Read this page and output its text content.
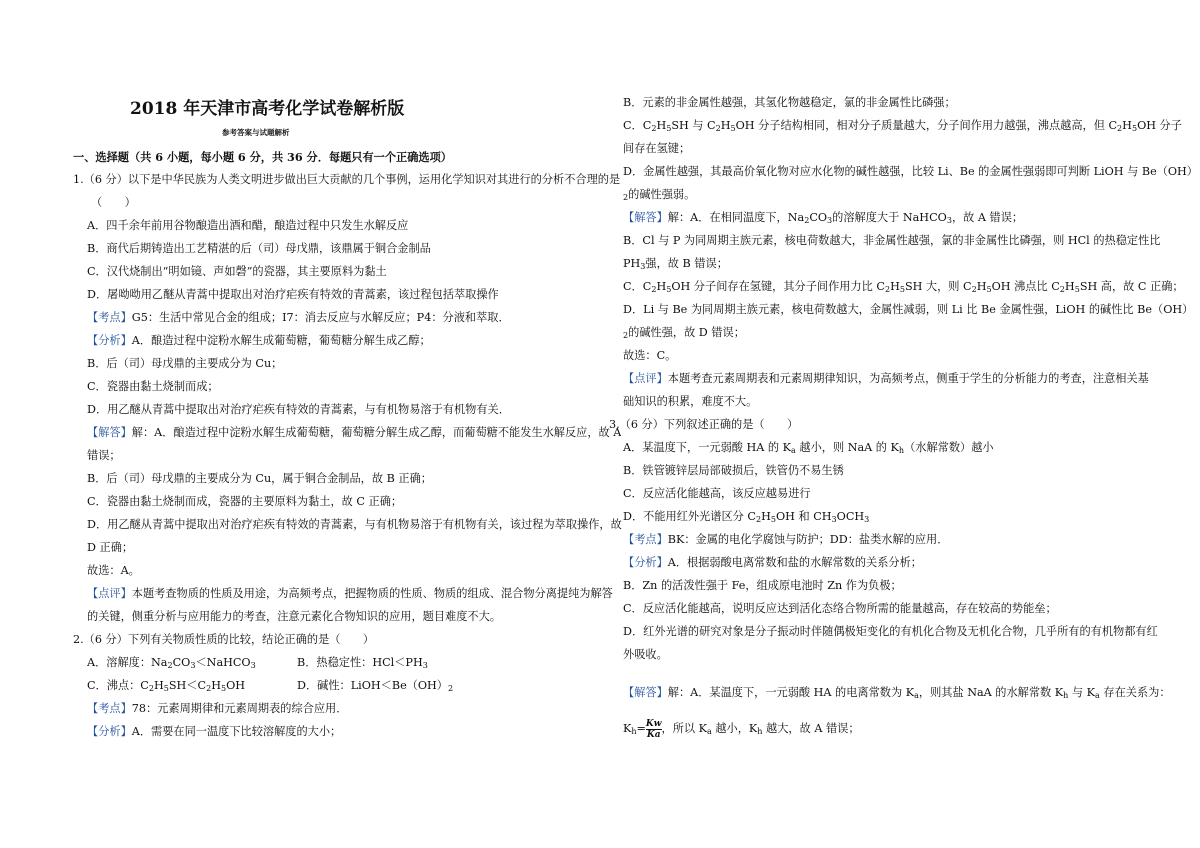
2018 年天津市高考化学试卷解析版
参考答案与试题解析
一、选择题（共 6 小题，每小题 6 分，共 36 分．每题只有一个正确选项）
1.（6 分）以下是中华民族为人类文明进步做出巨大贡献的几个事例，运用化学知识对其进行的分析不合理的是
（　　）
A．四千余年前用谷物酿造出酒和醋，酿造过程中只发生水解反应
B．商代后期铸造出工艺精湛的后（司）母戊鼎，该鼎属于铜合金制品
C．汉代烧制出“明如镜、声如磬”的瓷器，其主要原料为黏土
D．屠呦呦用乙醚从青蒿中提取出对治疗疟疾有特效的青蒿素，该过程包括萃取操作
【考点】G5：生活中常见合金的组成；I7：消去反应与水解反应；P4：分液和萃取．
【分析】A．酿造过程中淀粉水解生成葡萄糖，葡萄糖分解生成乙醇；
B．后（司）母戊鼎的主要成分为 Cu；
C．瓷器由黏土烧制而成；
D．用乙醚从青蒿中提取出对治疗疟疾有特效的青蒿素，与有机物易溶于有机物有关．
【解答】解：A．酿造过程中淀粉水解生成葡萄糖，葡萄糖分解生成乙醇，而葡萄糖不能发生水解反应，故 A
错误；
B．后（司）母戊鼎的主要成分为 Cu，属于铜合金制品，故 B 正确；
C．瓷器由黏土烧制而成，瓷器的主要原料为黏土，故 C 正确；
D．用乙醚从青蒿中提取出对治疗疟疾有特效的青蒿素，与有机物易溶于有机物有关，该过程为萃取操作，故
D 正确；
故选：A。
【点评】本题考查物质的性质及用途，为高频考点，把握物质的性质、物质的组成、混合物分离提纯为解答
的关键，侧重分析与应用能力的考查，注意元素化合物知识的应用，题目难度不大。
2.（6 分）下列有关物质性质的比较，结论正确的是（　　）
A．溶解度：$Na_2CO_3<NaHCO_3$	B．热稳定性：$HCl<PH_3$
C．沸点：$C_2H_5SH<C_2H_5OH$	D．碱性：$LiOH<Be(OH)_2$
【考点】78：元素周期律和元素周期表的综合应用．
【分析】A．需要在同一温度下比较溶解度的大小；
B．元素的非金属性越强，其氢化物越稳定，氯的非金属性比磷强；
C．$C_2H_5SH$ 与 $C_2H_5OH$ 分子结构相同，相对分子质量越大，分子间作用力越强，沸点越高，但 $C_2H_5OH$ 分子
间存在氢键；
D．金属性越强，其最高价氧化物对应水化物的碱性越强，比较 Li、Be 的金属性强弱即可判断 LiOH 与 Be（OH）
$_2$的碱性强弱。
【解答】解：A．在相同温度下，$Na_2CO_3$的溶解度大于 NaHCO$_3$，故 A 错误；
B．Cl 与 P 为同周期主族元素，核电荷数越大，非金属性越强，氯的非金属性比磷强，则 HCl 的热稳定性比
$PH_3$强，故 B 错误；
C．$C_2H_5OH$ 分子间存在氢键，其分子间作用力比 $C_2H_5SH$ 大，则 $C_2H_5OH$ 沸点比 $C_2H_5SH$ 高，故 C 正确；
D．Li 与 Be 为同周期主族元素，核电荷数越大，金属性减弱，则 Li 比 Be 金属性强，LiOH 的碱性比 Be（OH）
$_2$的碱性强，故 D 错误；
故选：C。
【点评】本题考查元素周期表和元素周期律知识，为高频考点，侧重于学生的分析能力的考查，注意相关基
础知识的积累，难度不大。
3.（6 分）下列叙述正确的是（　　）
A．某温度下，一元弱酸 HA 的 $K_a$ 越小，则 NaA 的 $K_h$（水解常数）越小
B．铁管镀锌层局部破损后，铁管仍不易生锈
C．反应活化能越高，该反应越易进行
D．不能用红外光谱区分 $C_2H_5OH$ 和 $CH_3OCH_3$
【考点】BK：金属的电化学腐蚀与防护；DD：盐类水解的应用．
【分析】A．根据弱酸电离常数和盐的水解常数的关系分析；
B．Zn 的活泼性强于 Fe，组成原电池时 Zn 作为负极；
C．反应活化能越高，说明反应达到活化态络合物所需的能量越高，存在较高的势能垒；
D．红外光谱的研究对象是分子振动时伴随偶极矩变化的有机化合物及无机化合物，几乎所有的有机物都有红
外吸收。
【解答】解：A．某温度下，一元弱酸 HA 的电离常数为 $K_a$，则其盐 NaA 的水解常数 $K_h$ 与 $K_a$ 存在关系为：
$K_h= \frac{Kw}{Ka}$ ，所以 $K_a$ 越小，$K_h$ 越大，故 A 错误；
